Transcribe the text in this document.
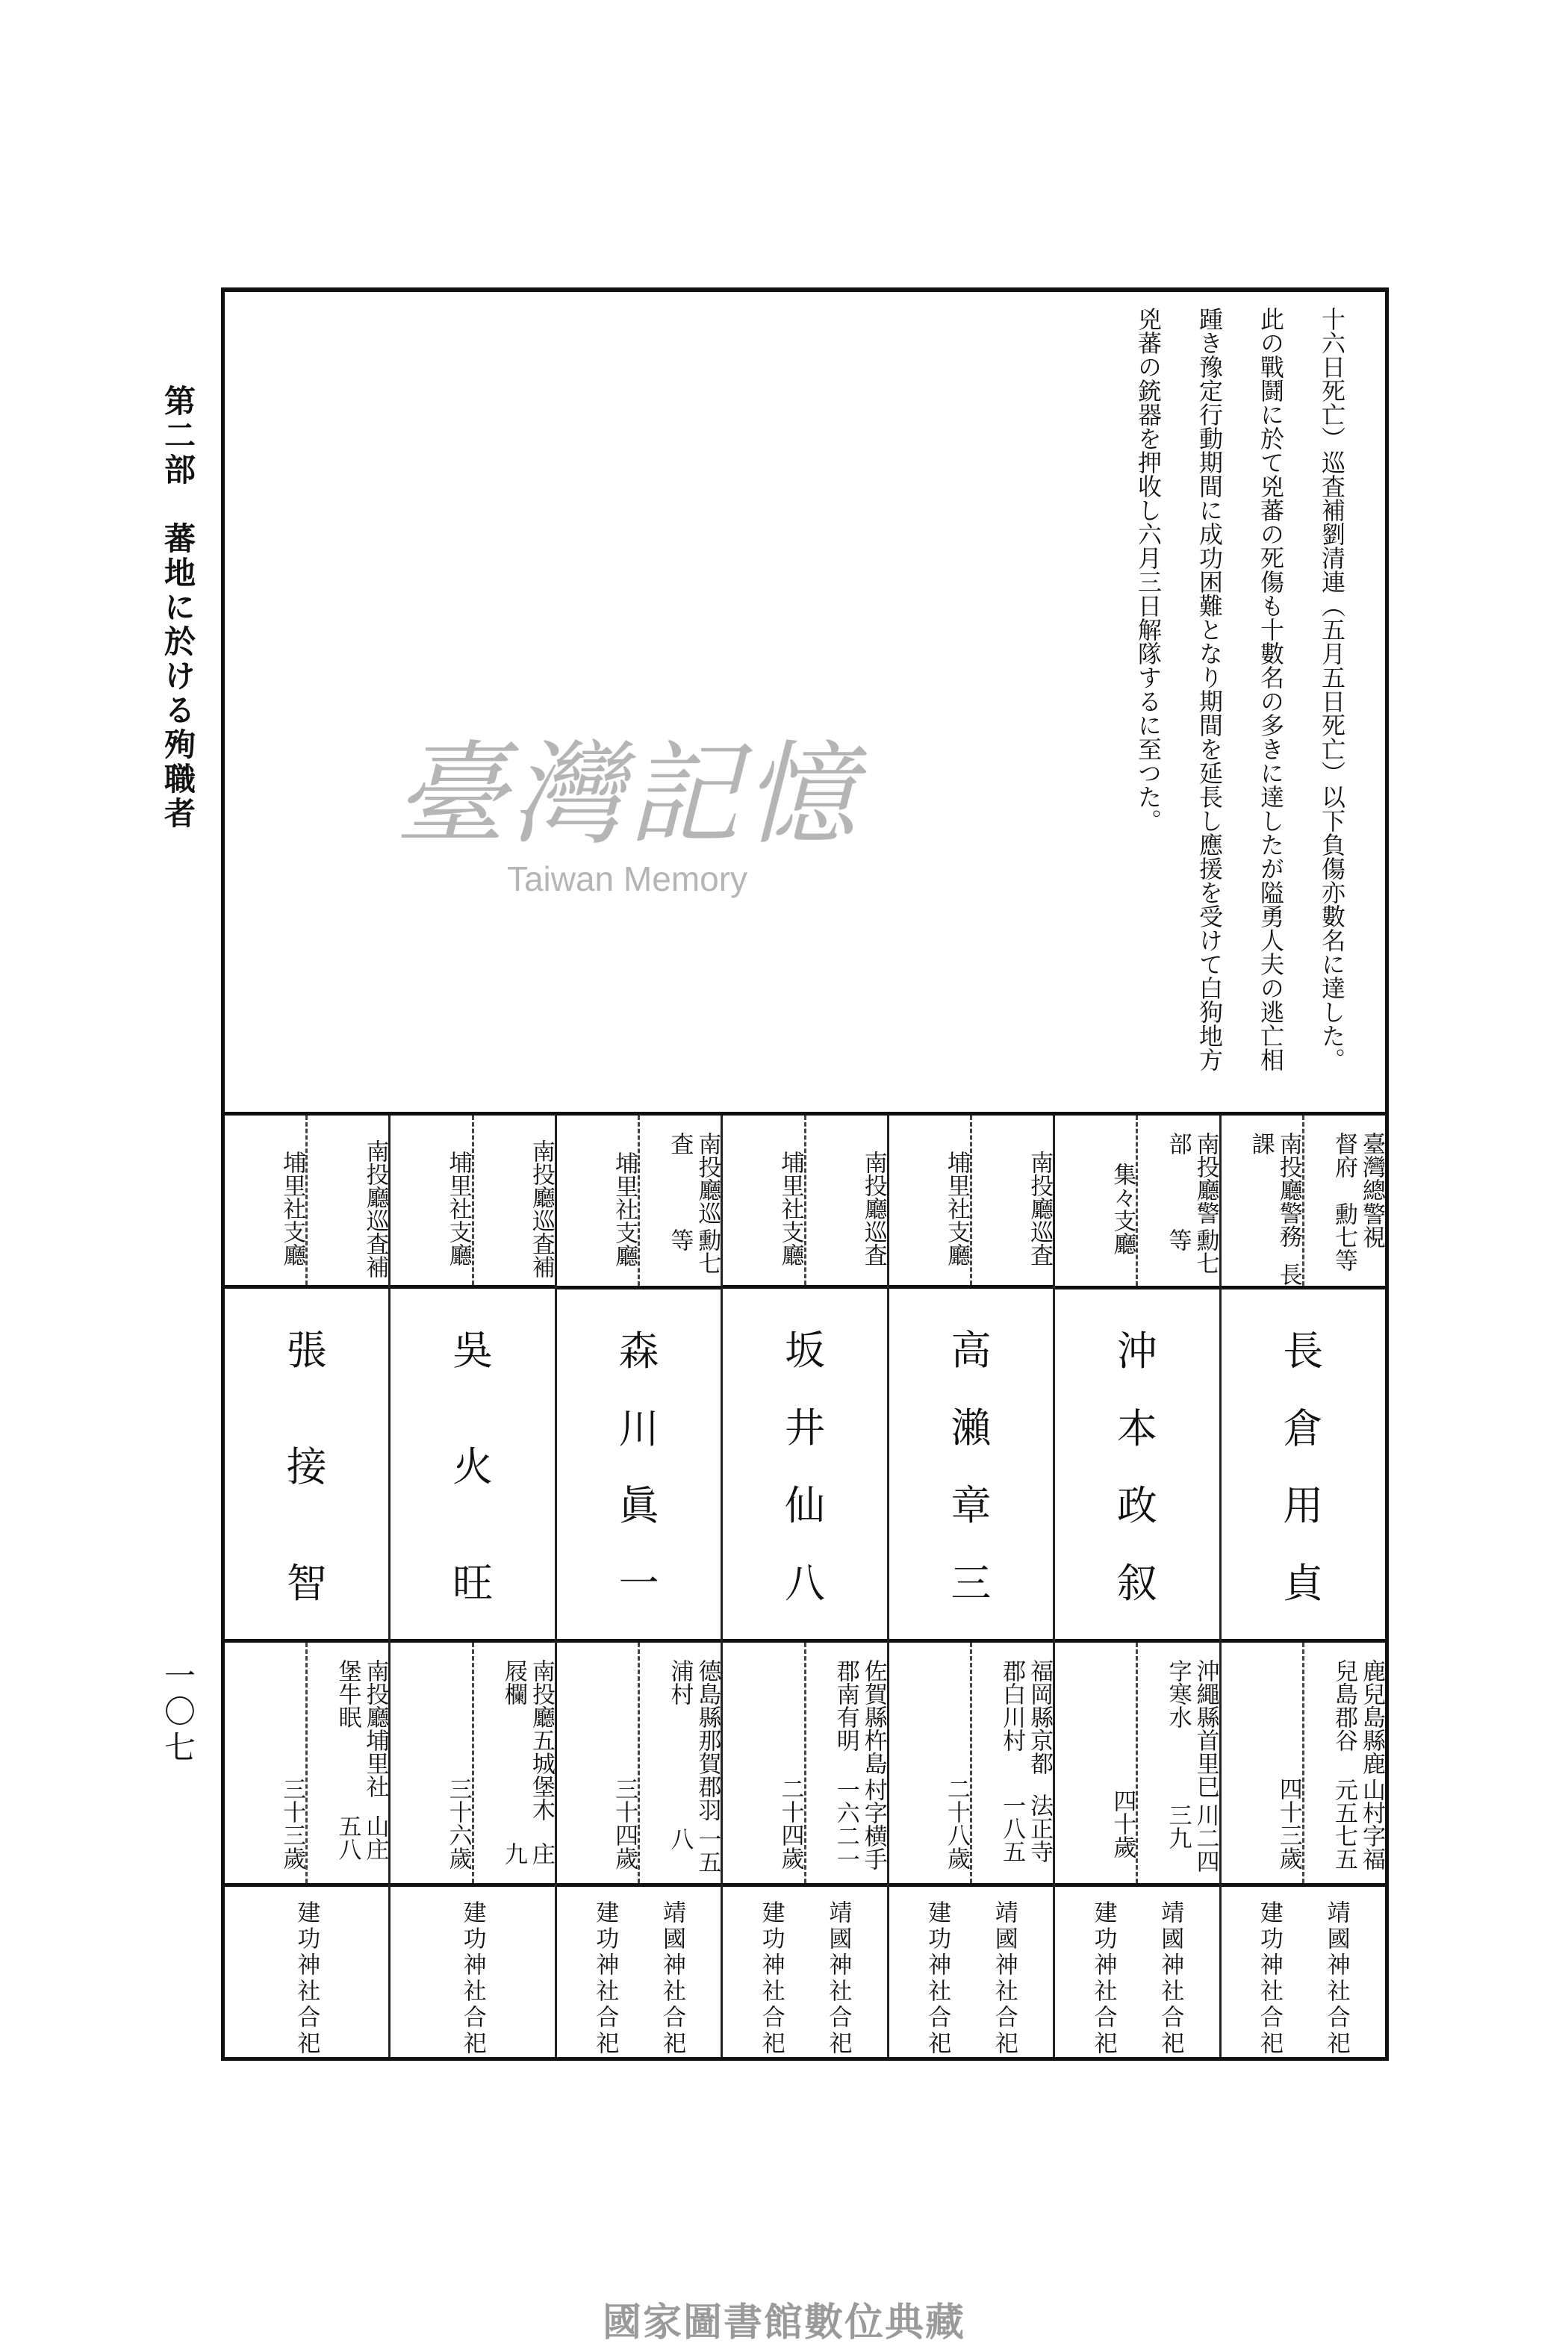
第二部　蕃地に於ける殉職者
一〇七
十六日死亡）巡査補劉清連（五月五日死亡）以下負傷亦數名に達した。
此の戰鬪に於て兇蕃の死傷も十數名の多きに達したが隘勇人夫の逃亡相
踵き豫定行動期間に成功困難となり期間を延長し應援を受けて白狗地方
兇蕃の銃器を押收し六月三日解隊するに至つた。
臺灣總督府
警視　勳七等
南投廳警務課
長
長
倉
用
貞
鹿兒島縣鹿兒島郡谷
山村字福元五七五
四十三歲
靖國神社合祀
建功神社合祀
南投廳警部
勳七等
集々支廳
沖
本
政
叙
沖繩縣首里巳字寒水
川二四三九
四十歲
靖國神社合祀
建功神社合祀
南投廳巡査
埔里社支廳
高
瀨
章
三
福岡縣京都郡白川村
法正寺一八五
二十八歲
靖國神社合祀
建功神社合祀
南投廳巡査
埔里社支廳
坂
井
仙
八
佐賀縣杵島郡南有明
村字横手一六二一
二十四歲
靖國神社合祀
建功神社合祀
南投廳巡査
勳七等
埔里社支廳
森
川
眞
一
德島縣那賀郡羽浦村
一五八
三十四歲
靖國神社合祀
建功神社合祀
南投廳巡査補
埔里社支廳
吳
火
旺
南投廳五城堡木屐欄
庄九
三十六歲
建功神社合祀
南投廳巡査補
埔里社支廳
張
接
智
南投廳埔里社堡牛眠
山庄五八
三十三歲
建功神社合祀
臺灣記憶
Taiwan Memory
國家圖書館數位典藏
